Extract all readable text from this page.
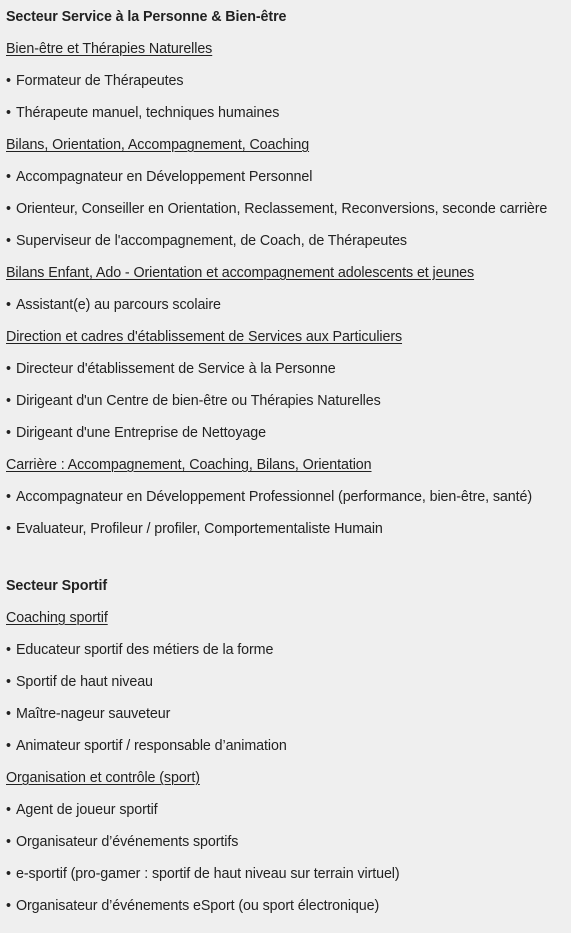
Secteur Service à la Personne & Bien-être
Bien-être et Thérapies Naturelles
• Formateur de Thérapeutes
• Thérapeute manuel, techniques humaines
Bilans, Orientation, Accompagnement, Coaching
• Accompagnateur en Développement Personnel
• Orienteur, Conseiller en Orientation, Reclassement, Reconversions, seconde carrière
• Superviseur de l'accompagnement, de Coach, de Thérapeutes
Bilans Enfant, Ado - Orientation et accompagnement adolescents et jeunes
• Assistant(e) au parcours scolaire
Direction et cadres d'établissement de Services aux Particuliers
• Directeur d'établissement de Service à la Personne
• Dirigeant d'un Centre de bien-être ou Thérapies Naturelles
• Dirigeant d'une Entreprise de Nettoyage
Carrière : Accompagnement, Coaching, Bilans, Orientation
• Accompagnateur en Développement Professionnel (performance, bien-être, santé)
• Evaluateur, Profileur / profiler, Comportementaliste Humain
Secteur Sportif
Coaching sportif
• Educateur sportif des métiers de la forme
• Sportif de haut niveau
• Maître-nageur sauveteur
• Animateur sportif / responsable d’animation
Organisation et contrôle (sport)
• Agent de joueur sportif
• Organisateur d’événements sportifs
• e-sportif (pro-gamer : sportif de haut niveau sur terrain virtuel)
• Organisateur d’événements eSport (ou sport électronique)
